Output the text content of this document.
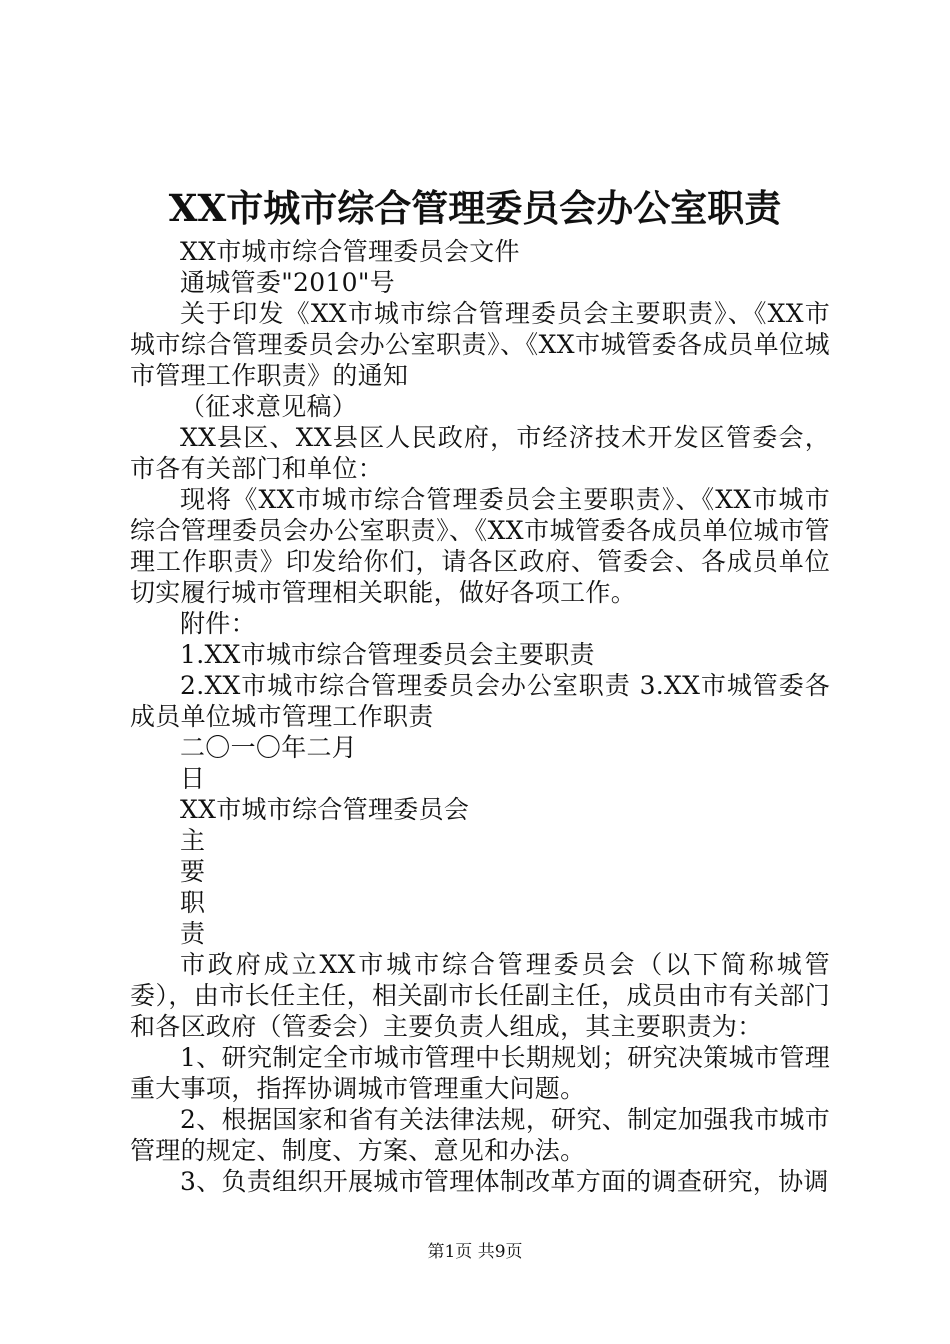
XX市城市综合管理委员会办公室职责

XX市城市综合管理委员会文件

通城管委"2010"号

关于印发《XX市城市综合管理委员会主要职责》、《XX市城市综合管理委员会办公室职责》、《XX市城管委各成员单位城市管理工作职责》的通知

（征求意见稿）

XX县区、XX县区人民政府，市经济技术开发区管委会，市各有关部门和单位：

现将《XX市城市综合管理委员会主要职责》、《XX市城市综合管理委员会办公室职责》、《XX市城管委各成员单位城市管理工作职责》印发给你们，请各区政府、管委会、各成员单位切实履行城市管理相关职能，做好各项工作。

附件：

1.XX市城市综合管理委员会主要职责

2.XX市城市综合管理委员会办公室职责 3.XX市城管委各成员单位城市管理工作职责

二〇一〇年二月

日

XX市城市综合管理委员会

主

要

职

责

市政府成立XX市城市综合管理委员会（以下简称城管委），由市长任主任，相关副市长任副主任，成员由市有关部门和各区政府（管委会）主要负责人组成，其主要职责为：

1、研究制定全市城市管理中长期规划；研究决策城市管理重大事项，指挥协调城市管理重大问题。

2、根据国家和省有关法律法规，研究、制定加强我市城市管理的规定、制度、方案、意见和办法。

3、负责组织开展城市管理体制改革方面的调查研究，协调

第1页 共9页
